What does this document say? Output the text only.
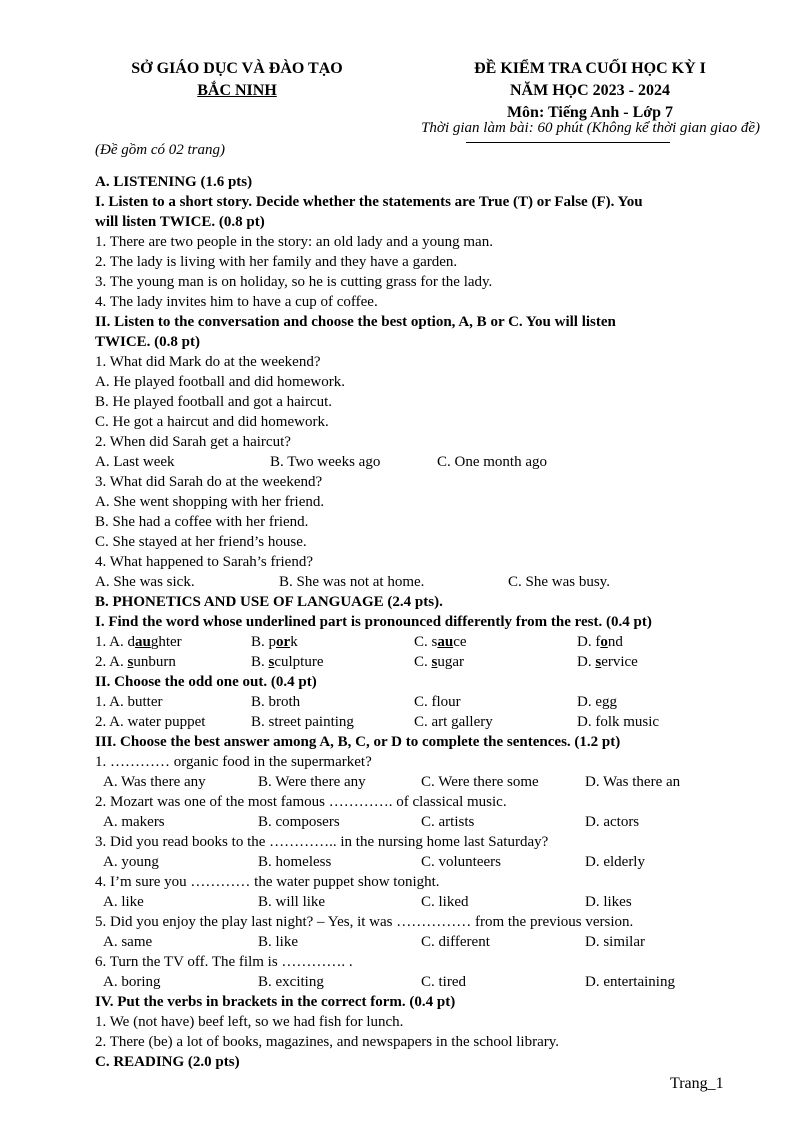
SỞ GIÁO DỤC VÀ ĐÀO TẠO
BẮC NINH
ĐỀ KIỂM TRA CUỐI HỌC KỲ I
NĂM HỌC 2023 - 2024
Môn: Tiếng Anh - Lớp 7
Thời gian làm bài: 60 phút (Không kể thời gian giao đề)
(Đề gồm có 02 trang)
A. LISTENING (1.6 pts)
I. Listen to a short story. Decide whether the statements are True (T) or False (F). You
will listen TWICE. (0.8 pt)
1. There are two people in the story: an old lady and a young man.
2. The lady is living with her family and they have a garden.
3. The young man is on holiday, so he is cutting grass for the lady.
4. The lady invites him to have a cup of coffee.
II. Listen to the conversation and choose the best option, A, B or C. You will listen
TWICE. (0.8 pt)
1. What did Mark do at the weekend?
A. He played football and did homework.
B. He played football and got a haircut.
C. He got a haircut and did homework.
2. When did Sarah get a haircut?
A. Last week	B. Two weeks ago	C. One month ago
3. What did Sarah do at the weekend?
A. She went shopping with her friend.
B. She had a coffee with her friend.
C. She stayed at her friend’s house.
4. What happened to Sarah’s friend?
A. She was sick.	B. She was not at home.	C. She was busy.
B. PHONETICS AND USE OF LANGUAGE (2.4 pts).
I. Find the word whose underlined part is pronounced differently from the rest. (0.4 pt)
1. A. daughter	B. pork	C. sauce	D. fond
2. A. sunburn	B. sculpture	C. sugar	D. service
II. Choose the odd one out. (0.4 pt)
1. A. butter	B. broth	C. flour	D. egg
2. A. water puppet	B. street painting	C. art gallery	D. folk music
III. Choose the best answer among A, B, C, or D to complete the sentences. (1.2 pt)
1. ………… organic food in the supermarket?
A. Was there any	B. Were there any	C. Were there some	D. Was there an
2. Mozart was one of the most famous …………. of classical music.
A. makers	B. composers	C. artists	D. actors
3. Did you read books to the ………….. in the nursing home last Saturday?
A. young	B. homeless	C. volunteers	D. elderly
4. I’m sure you ………… the water puppet show tonight.
A. like	B. will like	C. liked	D. likes
5. Did you enjoy the play last night? – Yes, it was …………… from the previous version.
A. same	B. like	C. different	D. similar
6. Turn the TV off. The film is …………. .
A. boring	B. exciting	C. tired	D. entertaining
IV. Put the verbs in brackets in the correct form. (0.4 pt)
1. We (not have) beef left, so we had fish for lunch.
2. There (be) a lot of books, magazines, and newspapers in the school library.
C. READING (2.0 pts)
Trang_1
